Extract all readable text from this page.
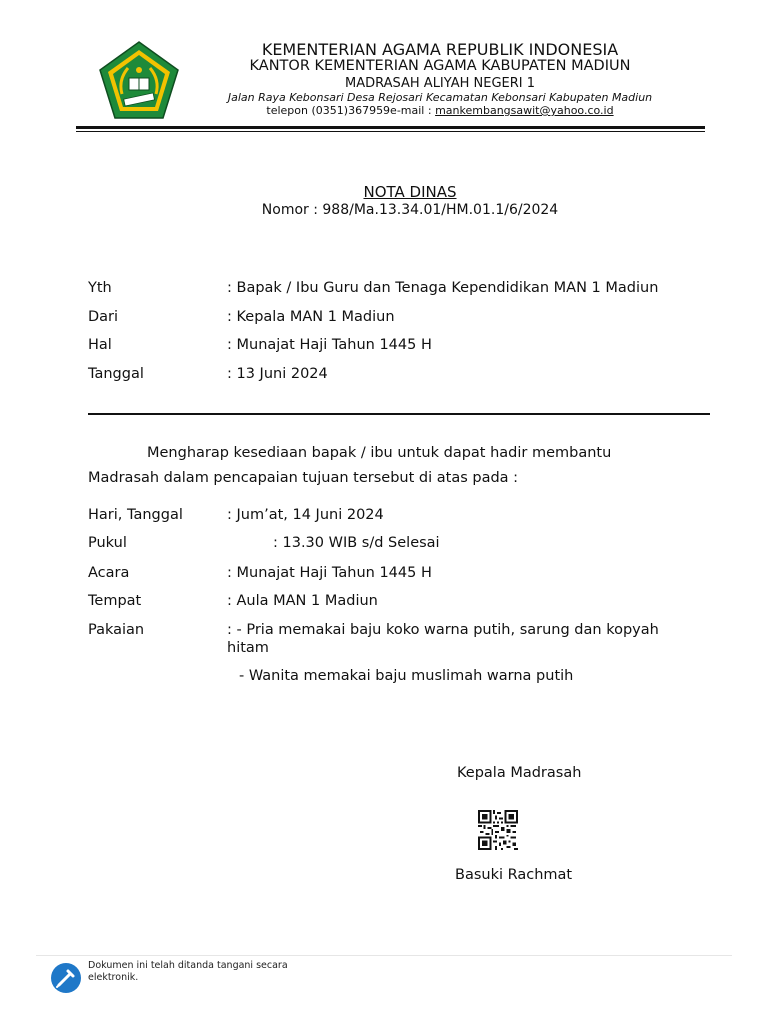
KEMENTERIAN AGAMA REPUBLIK INDONESIA
KANTOR KEMENTERIAN AGAMA KABUPATEN MADIUN
MADRASAH ALIYAH NEGERI 1
Jalan Raya Kebonsari Desa Rejosari Kecamatan Kebonsari Kabupaten Madiun
telepon (0351)367959e-mail : mankembangsawit@yahoo.co.id
NOTA DINAS
Nomor : 988/Ma.13.34.01/HM.01.1/6/2024
Yth	: Bapak / Ibu Guru dan Tenaga Kependidikan MAN 1 Madiun
Dari	: Kepala MAN 1 Madiun
Hal	: Munajat Haji Tahun 1445 H
Tanggal	: 13 Juni 2024
Mengharap kesediaan bapak / ibu untuk dapat hadir membantu
Madrasah dalam pencapaian tujuan tersebut di atas pada :
Hari, Tanggal	: Jum’at, 14 Juni 2024
Pukul	: 13.30 WIB s/d Selesai
Acara	: Munajat Haji Tahun 1445 H
Tempat	: Aula MAN 1 Madiun
Pakaian	: - Pria memakai baju koko warna putih, sarung dan kopyah
hitam
- Wanita memakai baju muslimah warna putih
Kepala Madrasah
Basuki Rachmat
Dokumen ini telah ditanda tangani secara elektronik.
